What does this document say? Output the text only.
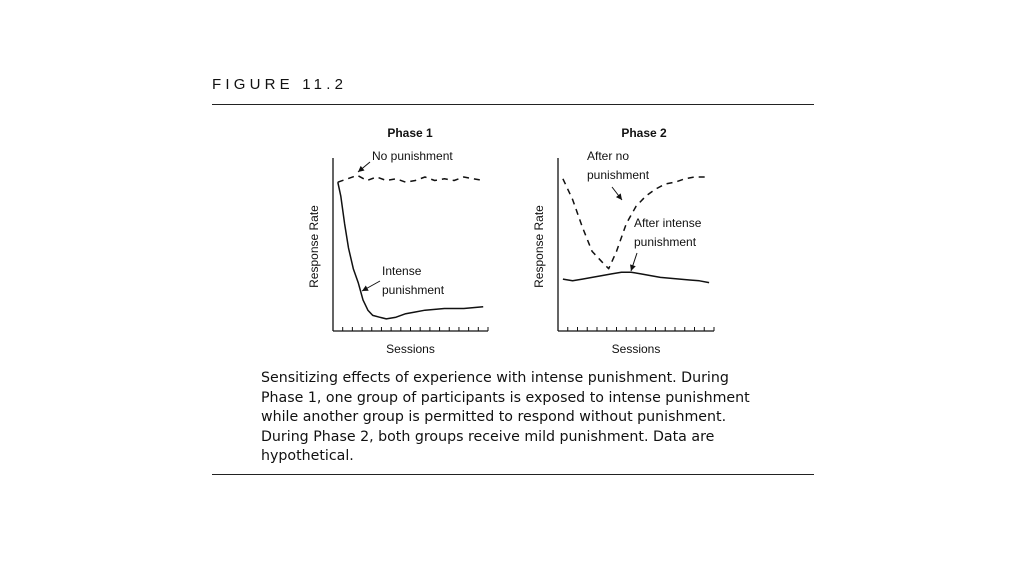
FIGURE 11.2
Phase 1
Sessions
Response Rate
No punishment
Intense
punishment
Phase 2
Sessions
Response Rate
After no
punishment
After intense
punishment
Sensitizing effects of experience with intense punishment. During
Phase 1, one group of participants is exposed to intense punishment
while another group is permitted to respond without punishment.
During Phase 2, both groups receive mild punishment. Data are
hypothetical.
